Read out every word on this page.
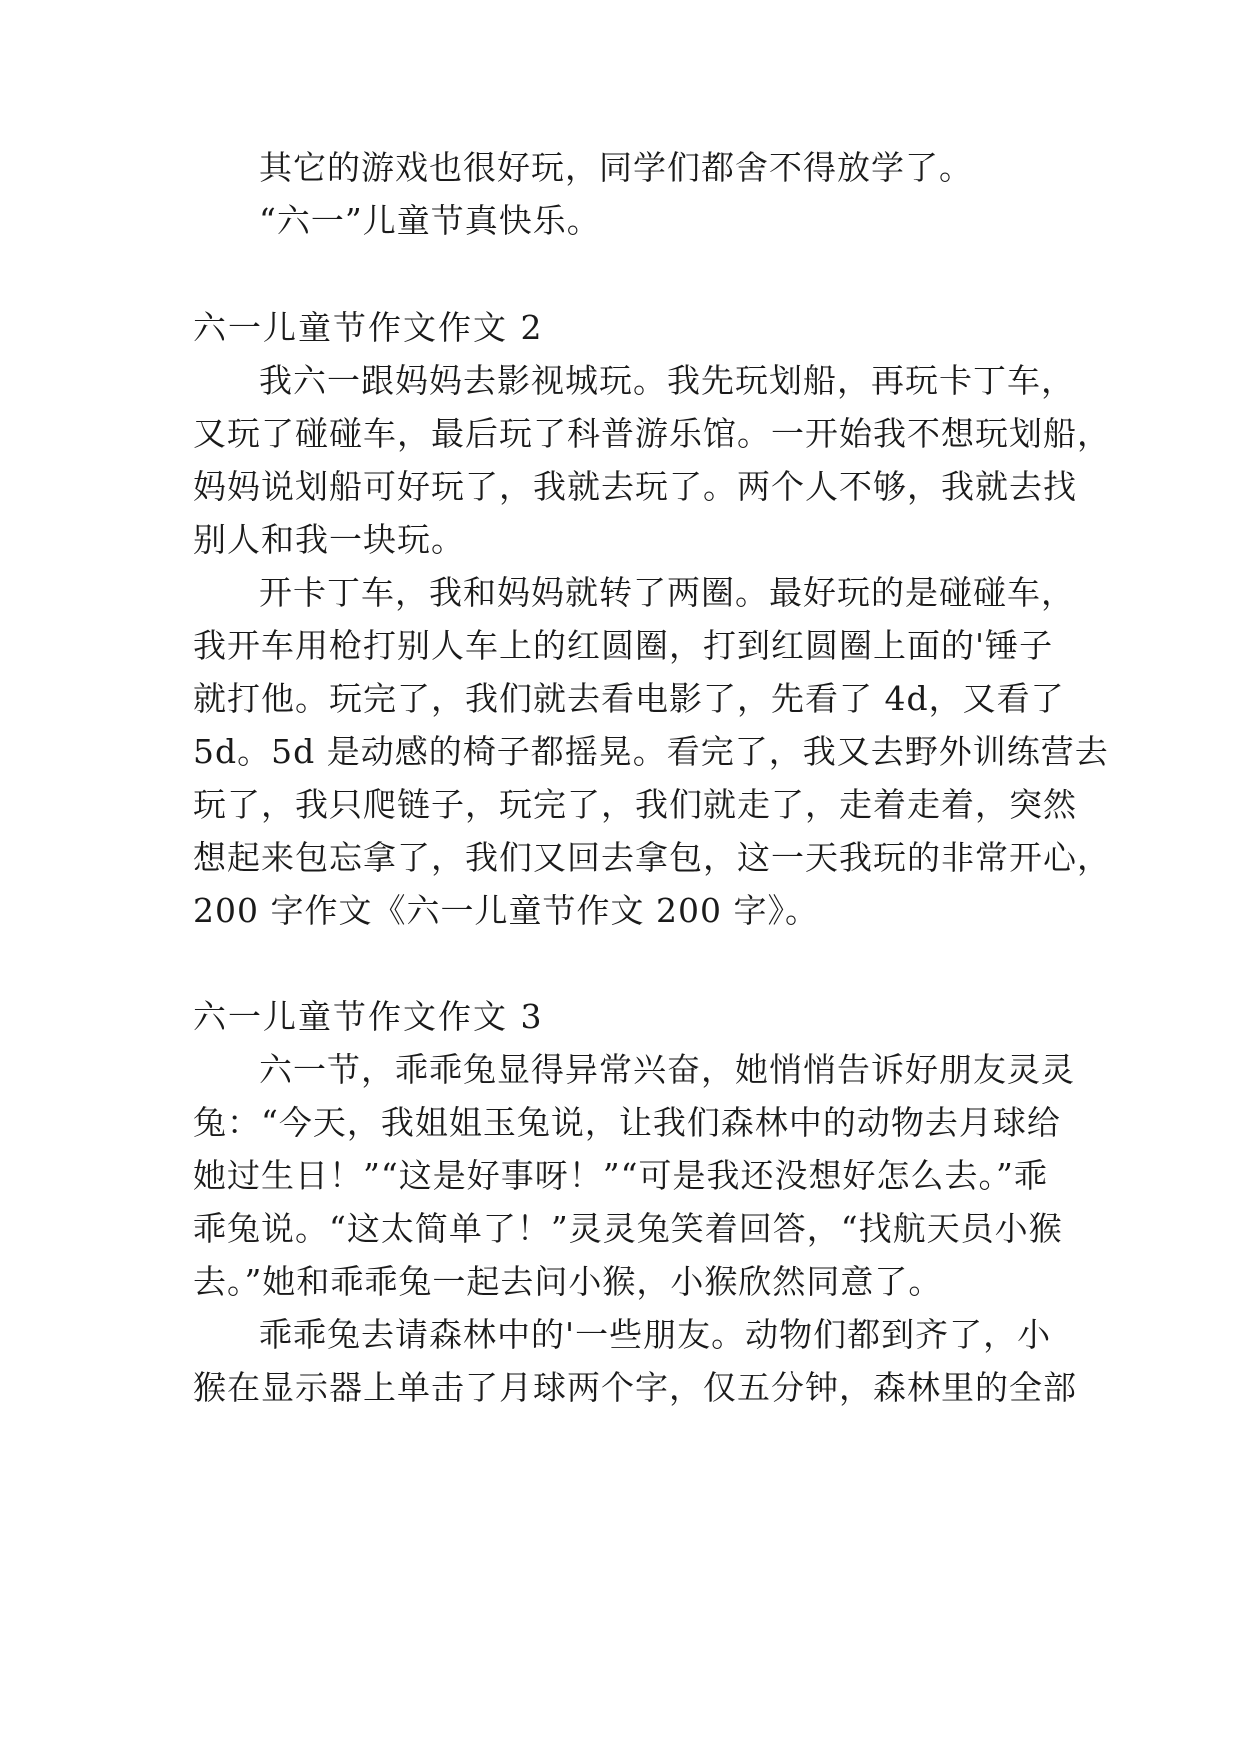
其它的游戏也很好玩，同学们都舍不得放学了。
“六一”儿童节真快乐。
六一儿童节作文作文 2
我六一跟妈妈去影视城玩。我先玩划船，再玩卡丁车，
又玩了碰碰车，最后玩了科普游乐馆。一开始我不想玩划船，
妈妈说划船可好玩了，我就去玩了。两个人不够，我就去找
别人和我一块玩。
开卡丁车，我和妈妈就转了两圈。最好玩的是碰碰车，
我开车用枪打别人车上的红圆圈，打到红圆圈上面的'锤子
就打他。玩完了，我们就去看电影了，先看了 4d，又看了
5d。5d 是动感的椅子都摇晃。看完了，我又去野外训练营去
玩了，我只爬链子，玩完了，我们就走了，走着走着，突然
想起来包忘拿了，我们又回去拿包，这一天我玩的非常开心，
200 字作文《六一儿童节作文 200 字》。
六一儿童节作文作文 3
六一节，乖乖兔显得异常兴奋，她悄悄告诉好朋友灵灵
兔：“今天，我姐姐玉兔说，让我们森林中的动物去月球给
她过生日！”“这是好事呀！”“可是我还没想好怎么去。”乖
乖兔说。“这太简单了！”灵灵兔笑着回答，“找航天员小猴
去。”她和乖乖兔一起去问小猴，小猴欣然同意了。
乖乖兔去请森林中的'一些朋友。动物们都到齐了，小
猴在显示器上单击了月球两个字，仅五分钟，森林里的全部
